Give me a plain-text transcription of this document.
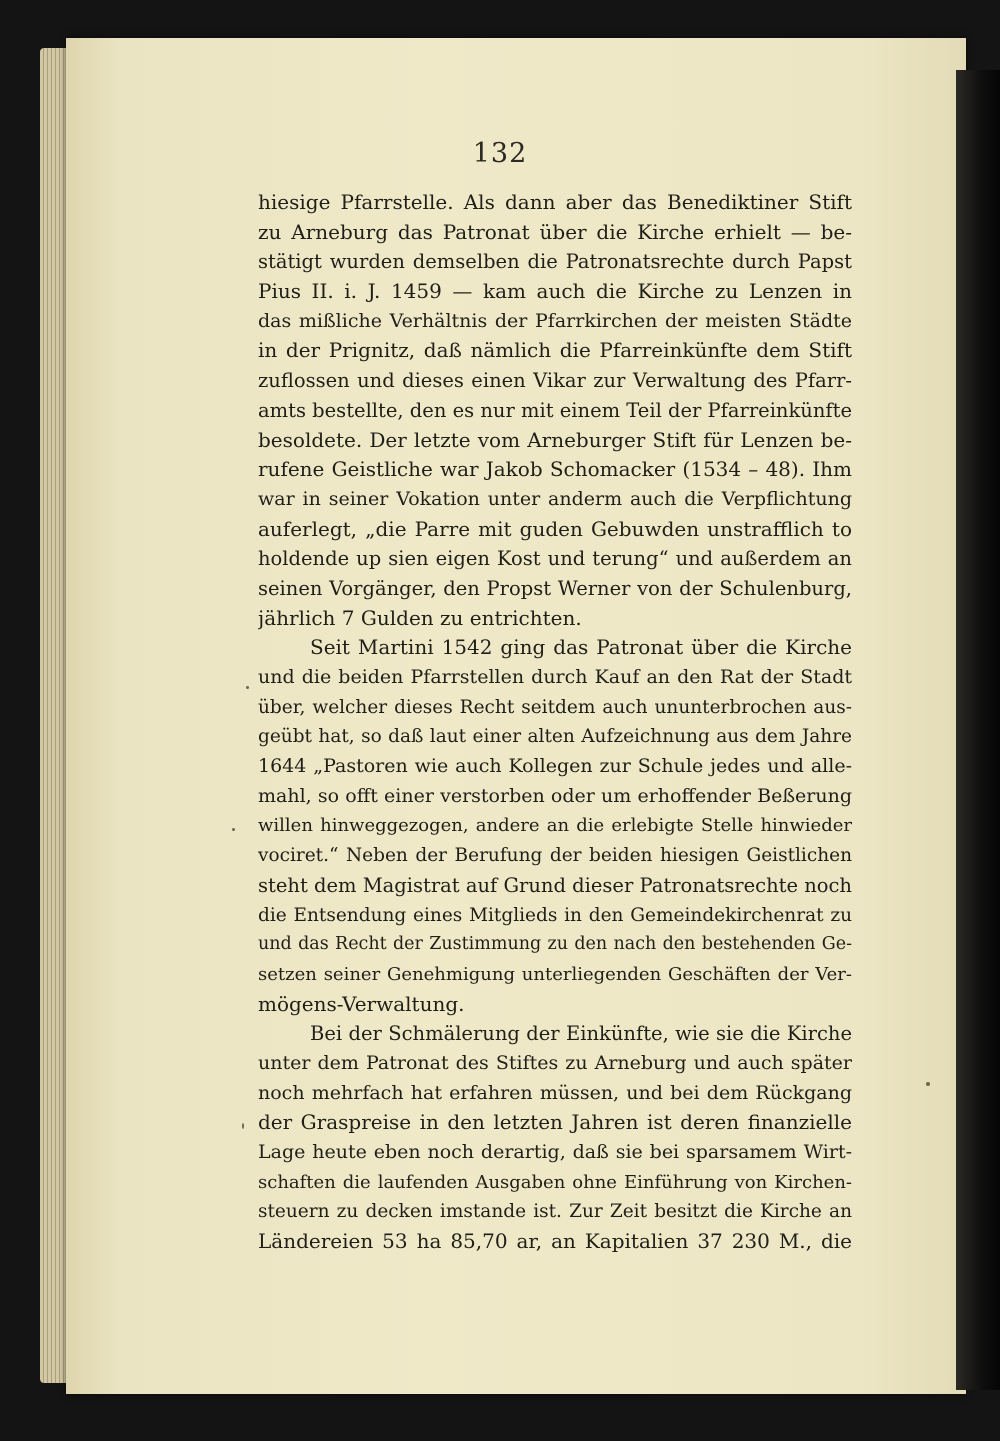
132
hiesige Pfarrstelle. Als dann aber das Benediktiner Stift
zu Arneburg das Patronat über die Kirche erhielt — be-
stätigt wurden demselben die Patronatsrechte durch Papst
Pius II. i. J. 1459 — kam auch die Kirche zu Lenzen in
das mißliche Verhältnis der Pfarrkirchen der meisten Städte
in der Prignitz, daß nämlich die Pfarreinkünfte dem Stift
zuflossen und dieses einen Vikar zur Verwaltung des Pfarr-
amts bestellte, den es nur mit einem Teil der Pfarreinkünfte
besoldete. Der letzte vom Arneburger Stift für Lenzen be-
rufene Geistliche war Jakob Schomacker (1534 – 48). Ihm
war in seiner Vokation unter anderm auch die Verpflichtung
auferlegt, „die Parre mit guden Gebuwden unstrafflich to
holdende up sien eigen Kost und terung“ und außerdem an
seinen Vorgänger, den Propst Werner von der Schulenburg,
jährlich 7 Gulden zu entrichten.
Seit Martini 1542 ging das Patronat über die Kirche
und die beiden Pfarrstellen durch Kauf an den Rat der Stadt
über, welcher dieses Recht seitdem auch ununterbrochen aus-
geübt hat, so daß laut einer alten Aufzeichnung aus dem Jahre
1644 „Pastoren wie auch Kollegen zur Schule jedes und alle-
mahl, so offt einer verstorben oder um erhoffender Beßerung
willen hinweggezogen, andere an die erlebigte Stelle hinwieder
vociret.“ Neben der Berufung der beiden hiesigen Geistlichen
steht dem Magistrat auf Grund dieser Patronatsrechte noch
die Entsendung eines Mitglieds in den Gemeindekirchenrat zu
und das Recht der Zustimmung zu den nach den bestehenden Ge-
setzen seiner Genehmigung unterliegenden Geschäften der Ver-
mögens-Verwaltung.
Bei der Schmälerung der Einkünfte, wie sie die Kirche
unter dem Patronat des Stiftes zu Arneburg und auch später
noch mehrfach hat erfahren müssen, und bei dem Rückgang
der Graspreise in den letzten Jahren ist deren finanzielle
Lage heute eben noch derartig, daß sie bei sparsamem Wirt-
schaften die laufenden Ausgaben ohne Einführung von Kirchen-
steuern zu decken imstande ist. Zur Zeit besitzt die Kirche an
Ländereien 53 ha 85,70 ar, an Kapitalien 37 230 M., die
